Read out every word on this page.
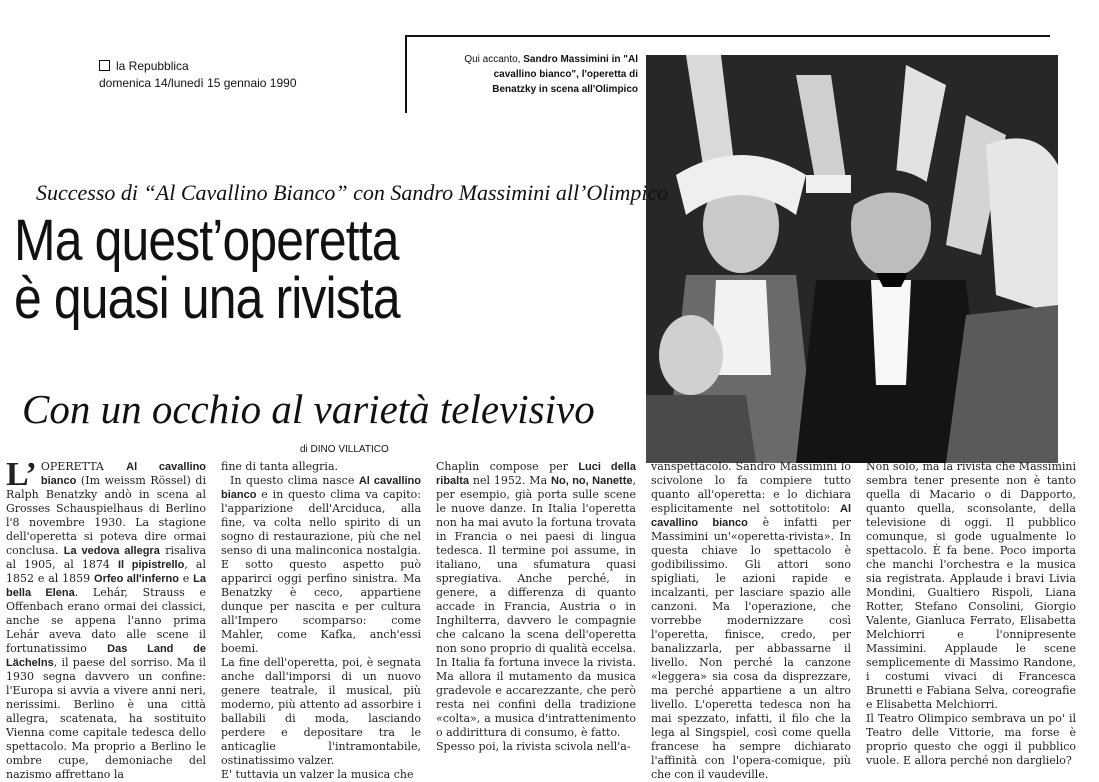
la Repubblica
domenica 14/lunedì 15 gennaio 1990
Qui accanto, Sandro Massimini in "Al cavallino bianco", l'operetta di Benatzky in scena all'Olimpico
Successo di “Al Cavallino Bianco” con Sandro Massimini all’Olimpico
Ma quest’operetta
è quasi una rivista
Con un occhio al varietà televisivo
di DINO VILLATICO

L’ OPERETTA Al cavallino bianco (Im weissm Rössel) di Ralph Benatzky andò in scena al Grosses Schauspielhaus di Berlino l'8 novembre 1930. La stagione dell'operetta si poteva dire ormai conclusa. La vedova allegra risaliva al 1905, al 1874 Il pipistrello, al 1852 e al 1859 Orfeo all'inferno e La bella Elena. Lehár, Strauss e Offenbach erano ormai dei classici, anche se appena l'anno prima Lehár aveva dato alle scene il fortunatissimo Das Land de Lächelns, il paese del sorriso. Ma il 1930 segna davvero un confine: l'Europa si avvia a vivere anni neri, nerissimi. Berlino è una città allegra, scatenata, ha sostituito Vienna come capitale tedesca dello spettacolo. Ma proprio a Berlino le ombre cupe, demoniache del nazismo affrettano la

fine di tanta allegria.

In questo clima nasce Al cavallino bianco e in questo clima va capito: l'apparizione dell'Arciduca, alla fine, va colta nello spirito di un sogno di restaurazione, più che nel senso di una malinconica nostalgia. E sotto questo aspetto può apparirci oggi perfino sinistra. Ma Benatzky è ceco, appartiene dunque per nascita e per cultura all'Impero scomparso: come Mahler, come Kafka, anch'essi boemi.

La fine dell'operetta, poi, è segnata anche dall'imporsi di un nuovo genere teatrale, il musical, più moderno, più attento ad assorbire i ballabili di moda, lasciando perdere e depositare tra le anticaglie l'intramontabile, ostinatissimo valzer.

E' tuttavia un valzer la musica che

Chaplin compose per Luci della ribalta nel 1952. Ma No, no, Nanette, per esempio, già porta sulle scene le nuove danze. In Italia l'operetta non ha mai avuto la fortuna trovata in Francia o nei paesi di lingua tedesca. Il termine poi assume, in italiano, una sfumatura quasi spregiativa. Anche perché, in genere, a differenza di quanto accade in Francia, Austria o in Inghilterra, davvero le compagnie che calcano la scena dell'operetta non sono proprio di qualità eccelsa. In Italia fa fortuna invece la rivista. Ma allora il mutamento da musica gradevole e accarezzante, che però resta nei confini della tradizione «colta», a musica d'intrattenimento o addirittura di consumo, è fatto.

Spesso poi, la rivista scivola nell'a-

vanspettacolo. Sandro Massimini lo scivolone lo fa compiere tutto quanto all'operetta: e lo dichiara esplicitamente nel sottotitolo: Al cavallino bianco è infatti per Massimini un'«operetta-rivista». In questa chiave lo spettacolo è godibilissimo. Gli attori sono spigliati, le azioni rapide e incalzanti, per lasciare spazio alle canzoni. Ma l'operazione, che vorrebbe modernizzare così l'operetta, finisce, credo, per banalizzarla, per abbassarne il livello. Non perché la canzone «leggera» sia cosa da disprezzare, ma perché appartiene a un altro livello. L'operetta tedesca non ha mai spezzato, infatti, il filo che la lega al Singspiel, così come quella francese ha sempre dichiarato l'affinità con l'opera-comique, più che con il vaudeville.

Non solo, ma la rivista che Massimini sembra tener presente non è tanto quella di Macario o di Dapporto, quanto quella, sconsolante, della televisione di oggi. Il pubblico comunque, si gode ugualmente lo spettacolo. È fa bene. Poco importa che manchi l'orchestra e la musica sia registrata. Applaude i bravi Livia Mondini, Gualtiero Rispoli, Liana Rotter, Stefano Consolini, Giorgio Valente, Gianluca Ferrato, Elisabetta Melchiorri e l'onnipresente Massimini. Applaude le scene semplicemente di Massimo Randone, i costumi vivaci di Francesca Brunetti e Fabiana Selva, coreografie e Elisabetta Melchiorri.

Il Teatro Olimpico sembrava un po' il Teatro delle Vittorie, ma forse è proprio questo che oggi il pubblico vuole. E allora perché non darglielo?
